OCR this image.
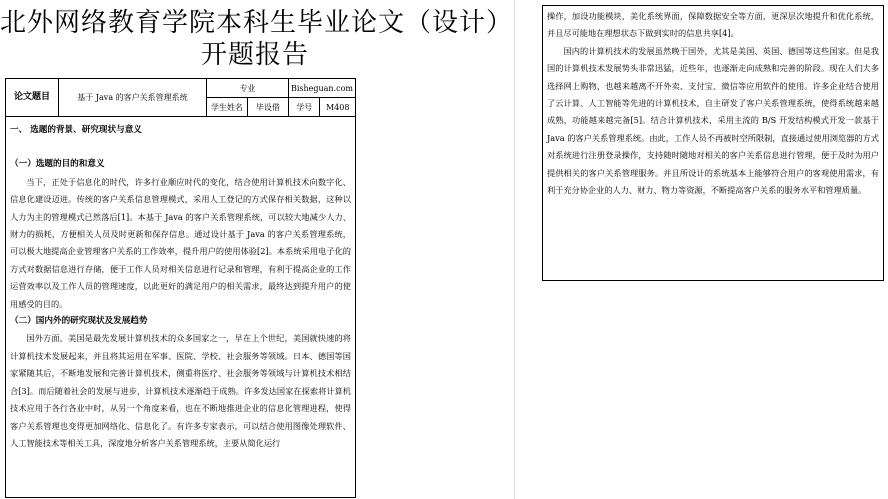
北外网络教育学院本科生毕业论文（设计）
开题报告
论文题目	基于 Java 的客户关系管理系统	专业		Bisheguan.com	
		学生姓名	毕设借	学号	M408

一、 选题的背景、研究现状与意义

（一）选题的目的和意义

当下，正处于信息化的时代，许多行业顺应时代的变化，结合使用计算机技术向数字化、信息化建设迈进。传统的客户关系信息管理模式，采用人工登记的方式保存相关数据，这种以人力为主的管理模式已然落后[1]。本基于 Java 的客户关系管理系统，可以较大地减少人力、财力的损耗，方便相关人员及时更新和保存信息。通过设计基于 Java 的客户关系管理系统，可以极大地提高企业管理客户关系的工作效率，提升用户的使用体验[2]。本系统采用电子化的方式对数据信息进行存储，便于工作人员对相关信息进行记录和管理，有利于提高企业的工作运营效率以及工作人员的管理速度，以此更好的满足用户的相关需求，最终达到提升用户的使用感受的目的。

（二）国内外的研究现状及发展趋势

国外方面，美国是最先发展计算机技术的众多国家之一，早在上个世纪，美国就快速的将计算机技术发展起来，并且将其运用在军事、医院、学校、社会服务等领域。日本、德国等国家紧随其后，不断地发展和完善计算机技术，侧重将医疗、社会服务等领域与计算机技术相结合[3]。而后随着社会的发展与进步，计算机技术逐渐趋于成熟。许多发达国家在探索将计算机技术应用于各行各业中时，从另一个角度来看，也在不断地推进企业的信息化管理进程，使得客户关系管理也变得更加网络化、信息化了。有许多专家表示，可以结合使用图像处理软件、人工智能技术等相关工具，深度地分析客户关系管理系统，主要从简化运行

操作，加设功能模块，美化系统界面，保障数据安全等方面，更深层次地提升和优化系统，并且尽可能地在理想状态下做到实时的信息共享[4]。

国内的计算机技术的发展虽然晚于国外，尤其是美国、英国、德国等这些国家。但是我国的计算机技术发展势头非常迅猛，近些年，也逐渐走向成熟和完善的阶段。现在人们大多选择网上购物，也越来越离不开外卖、支付宝、微信等应用软件的使用。许多企业结合使用了云计算、人工智能等先进的计算机技术，自主研发了客户关系管理系统，使得系统越来越成熟，功能越来越完备[5]。结合计算机技术，采用主流的 B/S 开发结构模式开发一款基于 Java 的客户关系管理系统。由此，工作人员不再被时空所限制，直接通过使用浏览器的方式对系统进行注册登录操作，支持随时随地对相关的客户关系信息进行管理，便于及时为用户提供相关的客户关系管理服务。并且所设计的系统基本上能够符合用户的客观使用需求，有利于充分协企业的人力、财力、物力等资源，不断提高客户关系的服务水平和管理质量。
